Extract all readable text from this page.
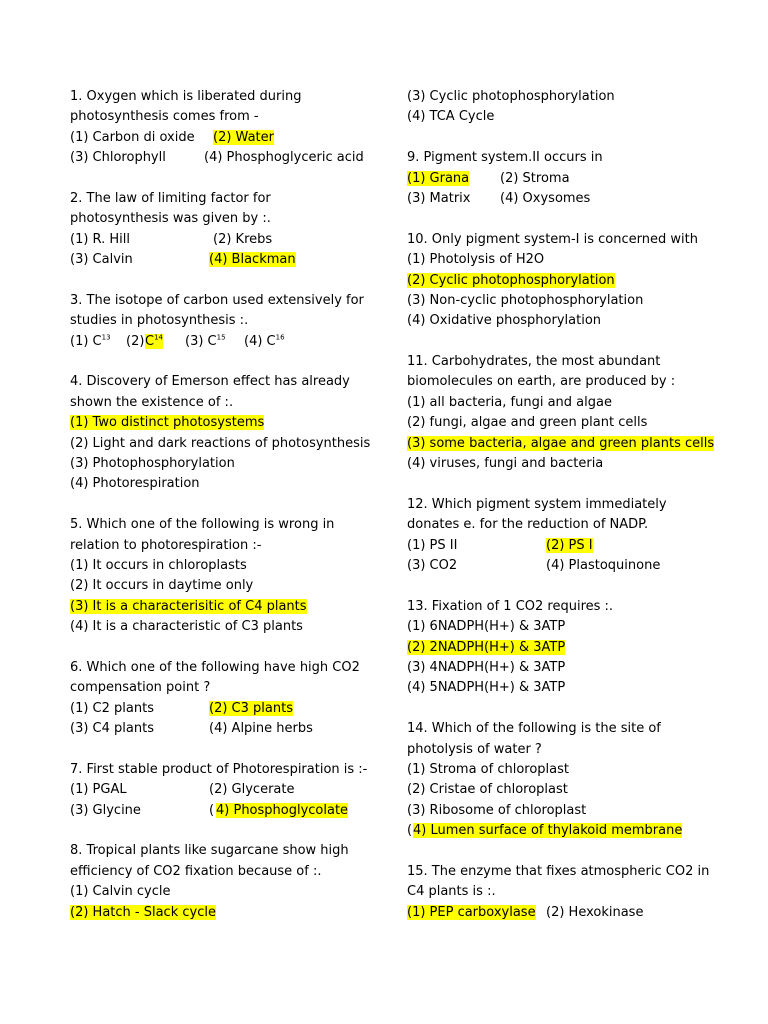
1. Oxygen which is liberated during
photosynthesis comes from -
(1) Carbon di oxide (2) Water
(3) Chlorophyll	(4) Phosphoglyceric acid
2. The law of limiting factor for
photosynthesis was given by :.
(1) R. Hill	(2) Krebs
(3) Calvin	(4) Blackman
3. The isotope of carbon used extensively for
studies in photosynthesis :.
(1) $C^{13}$ $(2)C^{14}$ (3) $C^{15}$ (4) $C^{16}$
4. Discovery of Emerson effect has already
shown the existence of :.
(1) Two distinct photosystems
(2) Light and dark reactions of photosynthesis
(3) Photophosphorylation
(4) Photorespiration
5. Which one of the following is wrong in
relation to photorespiration :-
(1) It occurs in chloroplasts
(2) It occurs in daytime only
(3) It is a characterisitic of C4 plants
(4) It is a characteristic of C3 plants
6. Which one of the following have high CO2
compensation point ?
(1) C2 plants	(2) C3 plants
(3) C4 plants	(4) Alpine herbs
7. First stable product of Photorespiration is :-
(1) PGAL	(2) Glycerate
(3) Glycine	( 4) Phosphoglycolate
8. Tropical plants like sugarcane show high
efficiency of CO2 fixation because of :.
(1) Calvin cycle
(2) Hatch - Slack cycle
(3) Cyclic photophosphorylation
(4) TCA Cycle
9. Pigment system.II occurs in
(1) Grana (2) Stroma
(3) Matrix (4) Oxysomes
10. Only pigment system-I is concerned with
(1) Photolysis of H2O
(2) Cyclic photophosphorylation
(3) Non-cyclic photophosphorylation
(4) Oxidative phosphorylation
11. Carbohydrates, the most abundant
biomolecules on earth, are produced by :
(1) all bacteria, fungi and algae
(2) fungi, algae and green plant cells
(3) some bacteria, algae and green plants cells
(4) viruses, fungi and bacteria
12. Which pigment system immediately
donates e. for the reduction of NADP.
(1) PS II	(2) PS I
(3) CO2	(4) Plastoquinone
13. Fixation of 1 CO2 requires :.
(1) 6NADPH(H+) & 3ATP
(2) 2NADPH(H+) & 3ATP
(3) 4NADPH(H+) & 3ATP
(4) 5NADPH(H+) & 3ATP
14. Which of the following is the site of
photolysis of water ?
(1) Stroma of chloroplast
(2) Cristae of chloroplast
(3) Ribosome of chloroplast
(4) Lumen surface of thylakoid membrane
15. The enzyme that fixes atmospheric CO2 in
C4 plants is :.
(1) PEP carboxylase (2) Hexokinase
